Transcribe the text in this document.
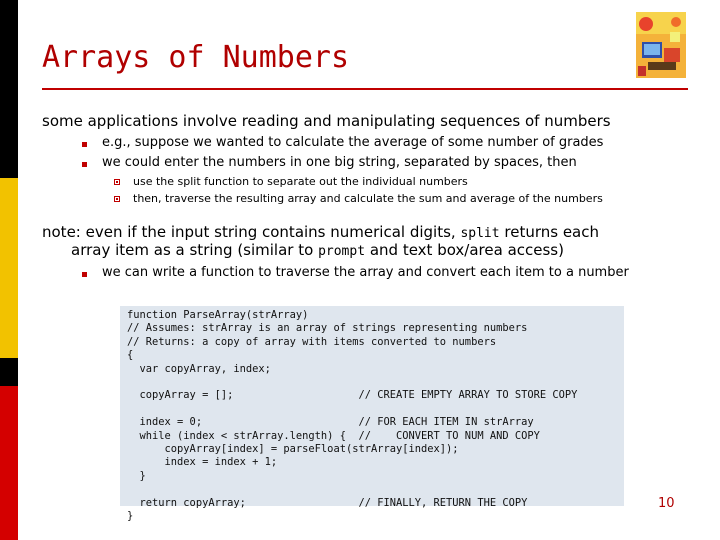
Arrays of Numbers
some applications involve reading and manipulating sequences of numbers
e.g., suppose we wanted to calculate the average of some number of grades
we could enter the numbers in one big string, separated by spaces, then
use the split function to separate out the individual numbers
then, traverse the resulting array and calculate the sum and average of the numbers
note: even if the input string contains numerical digits, split returns each
array item as a string (similar to prompt and text box/area access)
we can write a function to traverse the array and convert each item to a number
function ParseArray(strArray)
// Assumes: strArray is an array of strings representing numbers
// Returns: a copy of array with items converted to numbers
{
var copyArray, index;

copyArray = [];                    // CREATE EMPTY ARRAY TO STORE COPY

index = 0;                         // FOR EACH ITEM IN strArray
while (index < strArray.length) {  //    CONVERT TO NUM AND COPY
copyArray[index] = parseFloat(strArray[index]);
index = index + 1;
}

return copyArray;                  // FINALLY, RETURN THE COPY
}
10
